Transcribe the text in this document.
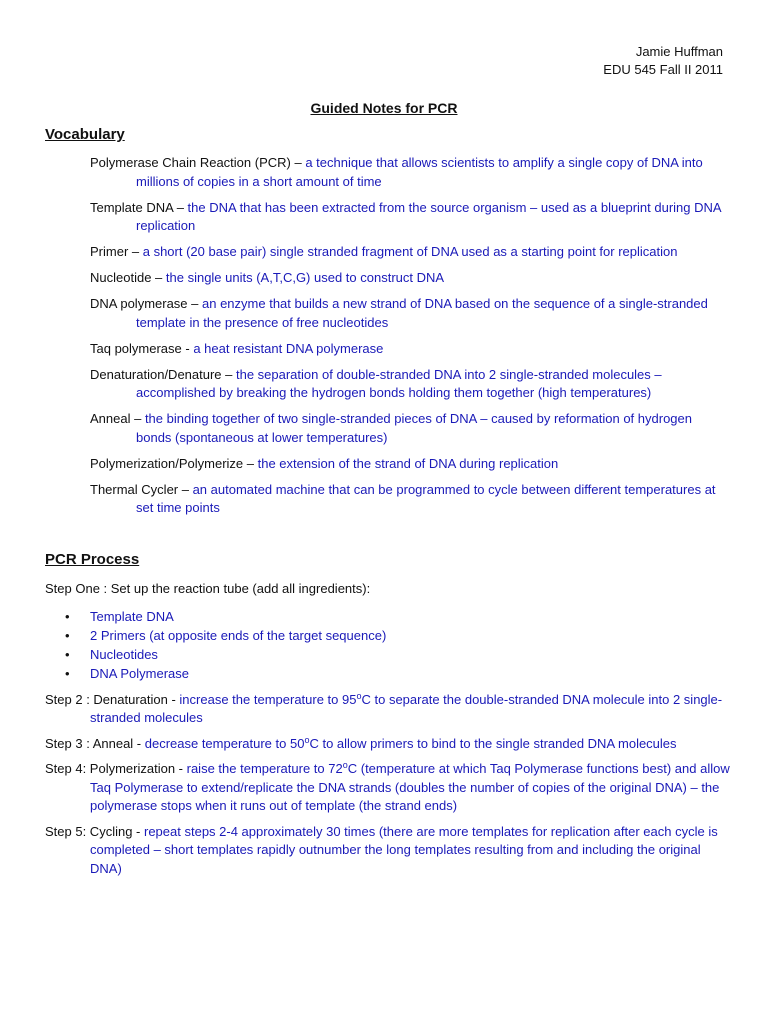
Jamie Huffman
EDU 545 Fall II 2011
Guided Notes for PCR
Vocabulary
Polymerase Chain Reaction (PCR) – a technique that allows scientists to amplify a single copy of DNA into millions of copies in a short amount of time
Template DNA – the DNA that has been extracted from the source organism – used as a blueprint during DNA replication
Primer – a short (20 base pair) single stranded fragment of DNA used as a starting point for replication
Nucleotide – the single units (A,T,C,G) used to construct DNA
DNA polymerase – an enzyme that builds a new strand of DNA based on the sequence of a single-stranded template in the presence of free nucleotides
Taq polymerase - a heat resistant DNA polymerase
Denaturation/Denature – the separation of double-stranded DNA into 2 single-stranded molecules – accomplished by breaking the hydrogen bonds holding them together (high temperatures)
Anneal – the binding together of two single-stranded pieces of DNA – caused by reformation of hydrogen bonds (spontaneous at lower temperatures)
Polymerization/Polymerize – the extension of the strand of DNA during replication
Thermal Cycler – an automated machine that can be programmed to cycle between different temperatures at set time points
PCR Process
Step One : Set up the reaction tube (add all ingredients):
• Template DNA
• 2 Primers (at opposite ends of the target sequence)
• Nucleotides
• DNA Polymerase
Step 2 : Denaturation - increase the temperature to 95$^o$C to separate the double-stranded DNA molecule into 2 single-stranded molecules
Step 3 : Anneal - decrease temperature to 50$^o$C to allow primers to bind to the single stranded DNA molecules
Step 4: Polymerization - raise the temperature to 72$^o$C (temperature at which Taq Polymerase functions best) and allow Taq Polymerase to extend/replicate the DNA strands (doubles the number of copies of the original DNA) – the polymerase stops when it runs out of template (the strand ends)
Step 5: Cycling - repeat steps 2-4 approximately 30 times (there are more templates for replication after each cycle is completed – short templates rapidly outnumber the long templates resulting from and including the original DNA)
